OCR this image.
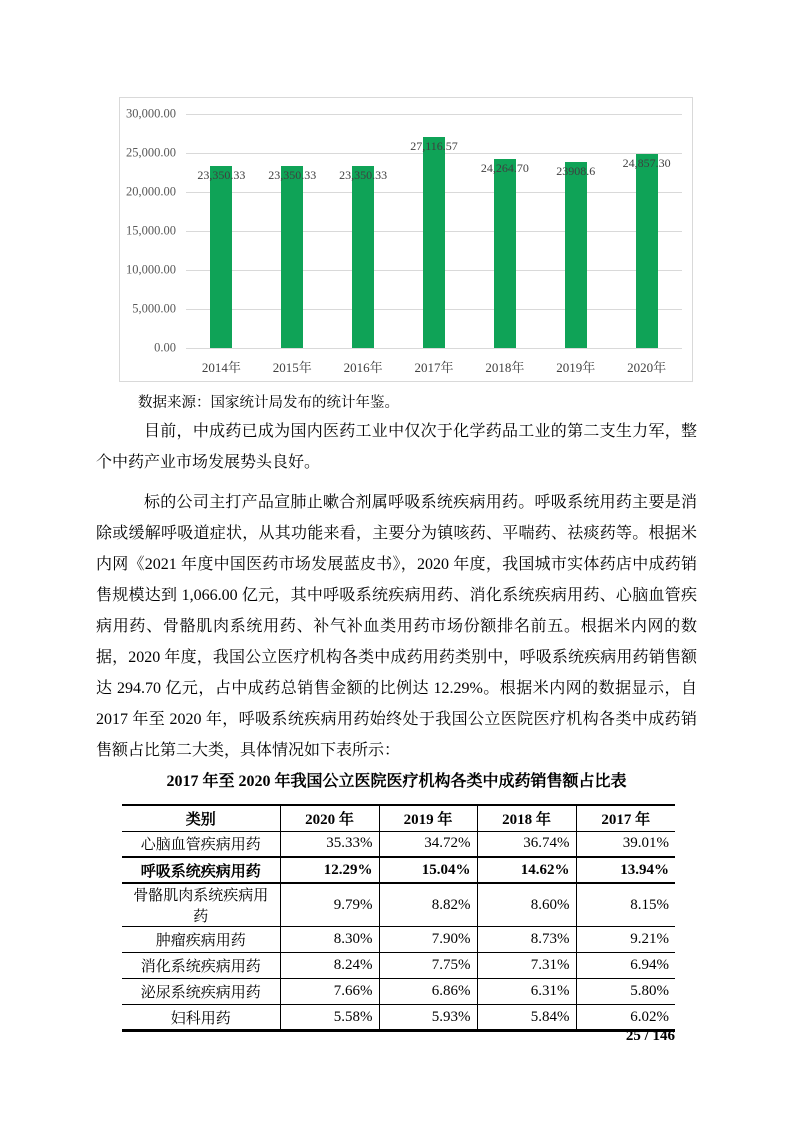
30,000.00
25,000.00
20,000.00
15,000.00
10,000.00
5,000.00
0.00
23,350.33
2014年
23,350.33
2015年
23,350.33
2016年
27,116.57
2017年
24,264.70
2018年
23908.6
2019年
24,857.30
2020年
数据来源：国家统计局发布的统计年鉴。

目前，中成药已成为国内医药工业中仅次于化学药品工业的第二支生力军，整个中药产业市场发展势头良好。

标的公司主打产品宣肺止嗽合剂属呼吸系统疾病用药。呼吸系统用药主要是消除或缓解呼吸道症状，从其功能来看，主要分为镇咳药、平喘药、祛痰药等。根据米内网《2021 年度中国医药市场发展蓝皮书》，2020 年度，我国城市实体药店中成药销售规模达到 1,066.00 亿元，其中呼吸系统疾病用药、消化系统疾病用药、心脑血管疾病用药、骨骼肌肉系统用药、补气补血类用药市场份额排名前五。根据米内网的数据，2020 年度，我国公立医疗机构各类中成药用药类别中，呼吸系统疾病用药销售额达 294.70 亿元，占中成药总销售金额的比例达 12.29%。根据米内网的数据显示，自 2017 年至 2020 年，呼吸系统疾病用药始终处于我国公立医院医疗机构各类中成药销售额占比第二大类，具体情况如下表所示：

2017 年至 2020 年我国公立医院医疗机构各类中成药销售额占比表
类别	2020 年	2019 年	2018 年	2017 年
心脑血管疾病用药	35.33%	34.72%	36.74%	39.01%
呼吸系统疾病用药	12.29%	15.04%	14.62%	13.94%
骨骼肌肉系统疾病用药	9.79%	8.82%	8.60%	8.15%
肿瘤疾病用药	8.30%	7.90%	8.73%	9.21%
消化系统疾病用药	8.24%	7.75%	7.31%	6.94%
泌尿系统疾病用药	7.66%	6.86%	6.31%	5.80%
妇科用药	5.58%	5.93%	5.84%	6.02%
25 / 146
